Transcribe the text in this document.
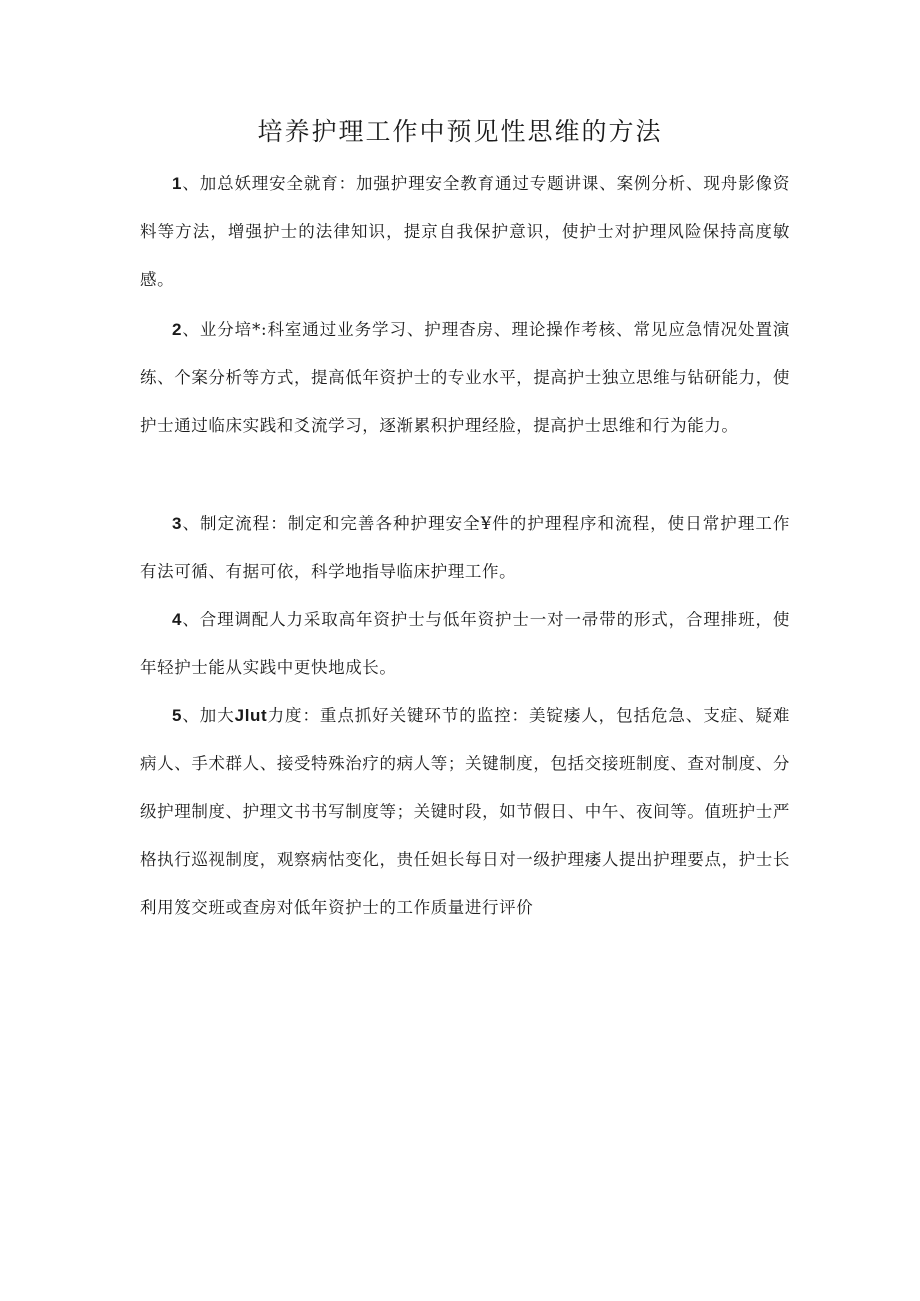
培养护理工作中预见性思维的方法

1、加总妖理安全就育：加强护理安全教育通过专题讲课、案例分析、现舟影像资料等方法，增强护士的法律知识，提京自我保护意识，使护士对护理风险保持高度敏感。

2、业分培*:科室通过业务学习、护理杳房、理论操作考核、常见应急情况处置演练、个案分析等方式，提高低年资护士的专业水平，提高护士独立思维与钻研能力，使护士通过临床实践和爻流学习，逐渐累积护理经脸，提高护士思维和行为能力。

3、制定流程：制定和完善各种护理安全¥件的护理程序和流程，使日常护理工作有法可循、有据可依，科学地指导临床护理工作。

4、合理调配人力采取高年资护士与低年资护士一对一帚带的形式，合理排班，使年轻护士能从实践中更快地成长。

5、加大Jlut力度：重点抓好关键环节的监控：美锭痿人，包括危急、支症、疑难病人、手术群人、接受特殊治疗的病人等；关键制度，包括交接班制度、查对制度、分级护理制度、护理文书书写制度等；关键时段，如节假日、中午、夜间等。值班护士严格执行巡视制度，观察病怙变化，贵任妲长每日对一级护理痿人提出护理要点，护士长利用笈交班或查房对低年资护士的工作质量进行评价
